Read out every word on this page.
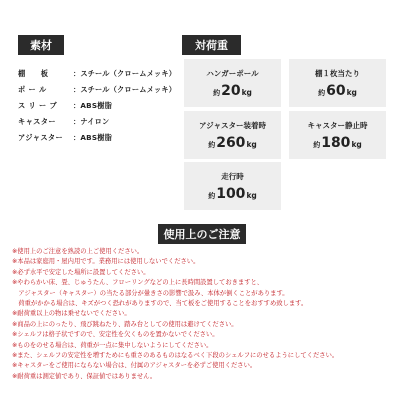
素材
棚　　板	：スチール（クロームメッキ）
ポ ー ル	：スチール（クロームメッキ）
ス リ ー ブ	：ABS樹脂
キャスター	：ナイロン
アジャスター	：ABS樹脂
対荷重
ハンガーポール
約 20 kg
棚１枚当たり
約 60 kg
アジャスター装着時
約 260 kg
キャスター静止時
約 180 kg
走行時
約 100 kg
使用上のご注意
※使用上のご注意を熟読の上ご使用ください。
※本品は家庭用・屋内用です。業務用には使用しないでください。
※必ず水平で安定した場所に設置してください。
※やわらかい床、畳、じゅうたん、フローリングなどの上に長時間設置しておきますと、
　アジャスター（キャスター）の当たる部分が暈きさの影響で汲み、本体が倒くことがあります。
　荷重がかかる場合は、キズがつく恐れがありますので、当て板をご使用することをおすすめ致します。
※耐荷重以上の物は乗せないでください。
※商品の上にのったり、飛び跳ねたり、踏み台としての使用は避けてください。
※シェルフは格子状ですので、安定性を欠くものを置かないでください。
※ものをのせる場合は、荷重が一点に集中しないようにしてください。
※また、シェルフの安定性を増すためにも重さのあるものはなるべく下段のシェルフにのせるようにしてください。
※キャスターをご使用にならない場合は、付属のアジャスターを必ずご使用ください。
※耐荷重は測定値であり、保証値ではありません。
